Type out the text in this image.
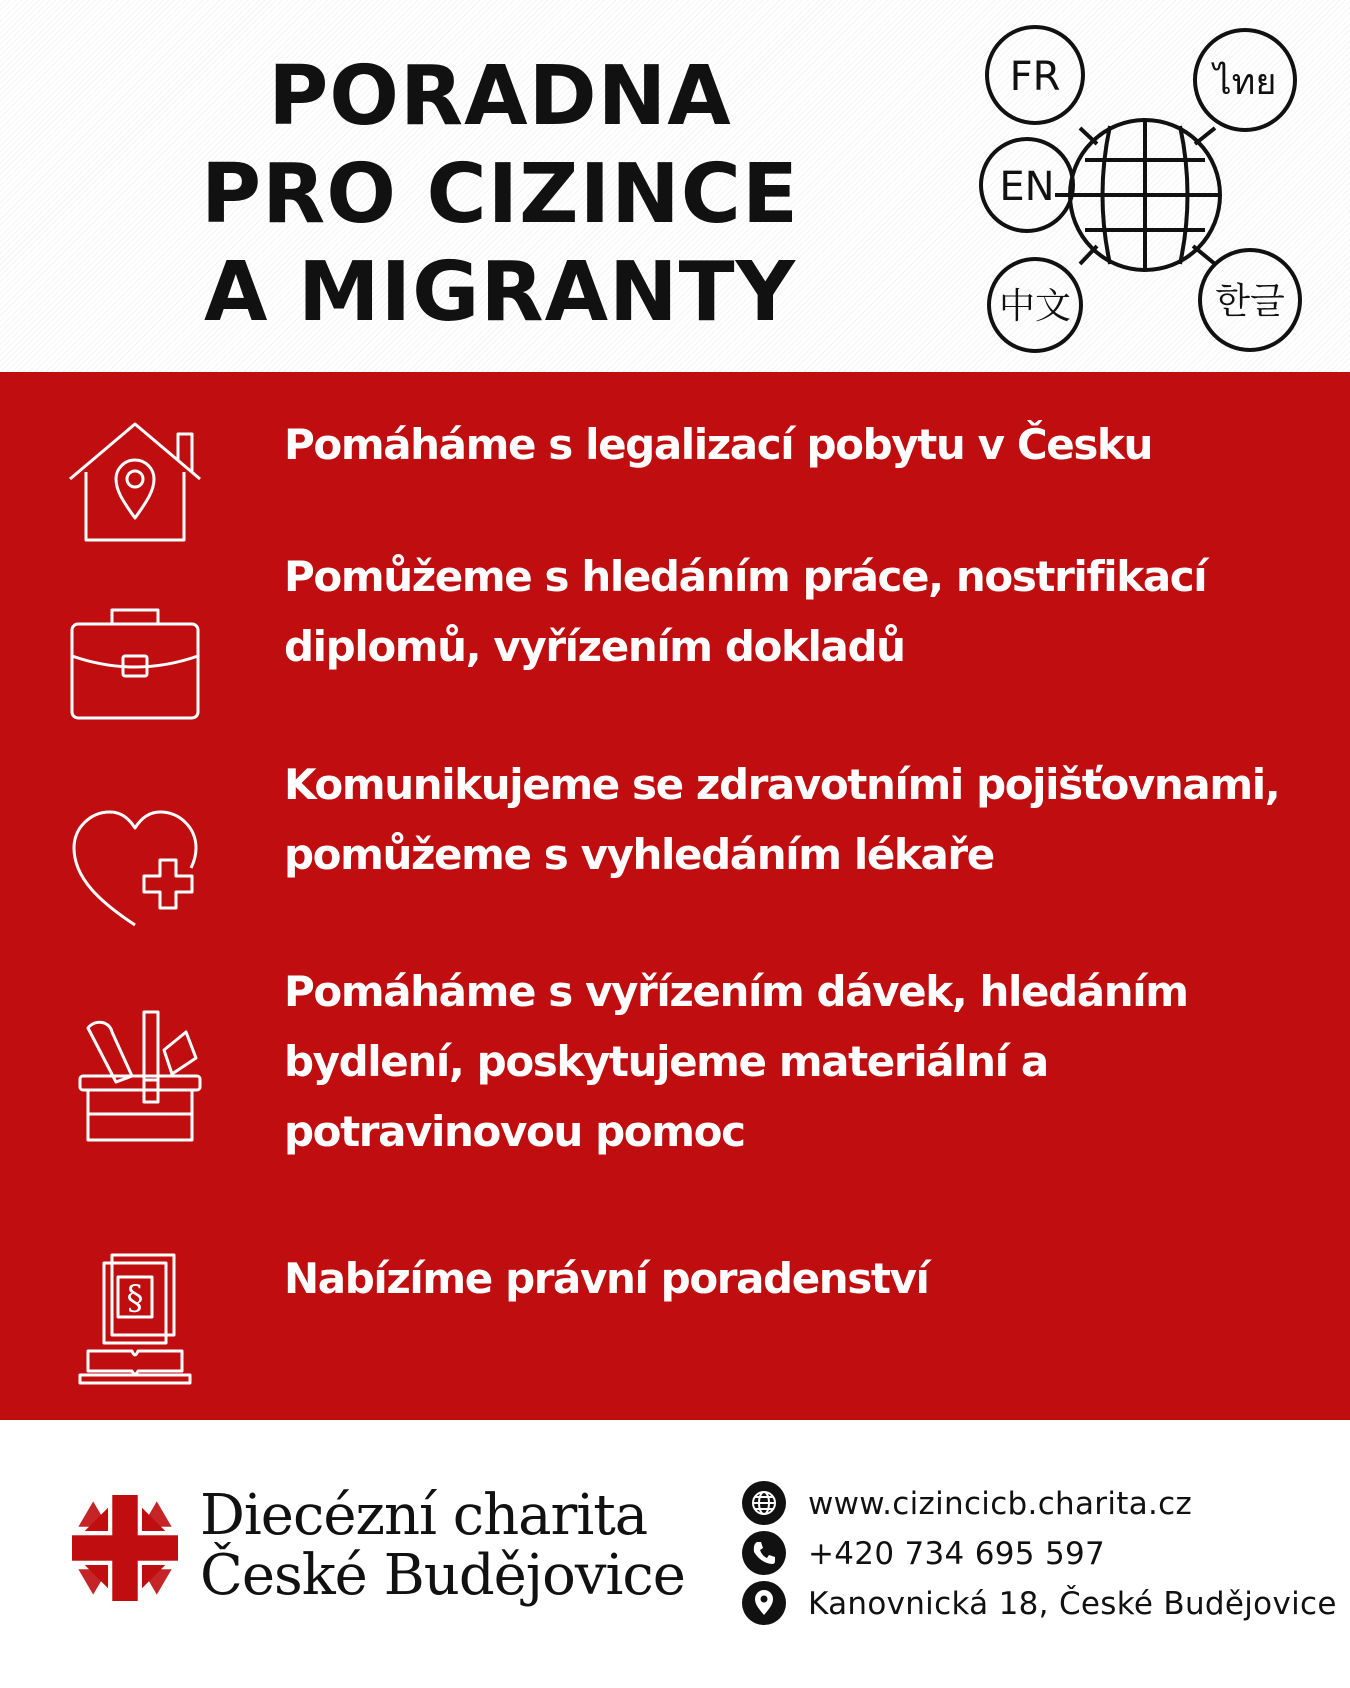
PORADNA
PRO CIZINCE
A MIGRANTY
FR	ไทย
EN
中文	한글
Pomáháme s legalizací pobytu v Česku
Pomůžeme s hledáním práce, nostrifikací
diplomů, vyřízením dokladů
Komunikujeme se zdravotními pojišťovnami,
pomůžeme s vyhledáním lékaře
Pomáháme s vyřízením dávek, hledáním
bydlení, poskytujeme materiální a
potravinovou pomoc
§	Nabízíme právní poradenství
Diecézní charita
České Budějovice
www.cizincicb.charita.cz
+420 734 695 597
Kanovnická 18, České Budějovice
